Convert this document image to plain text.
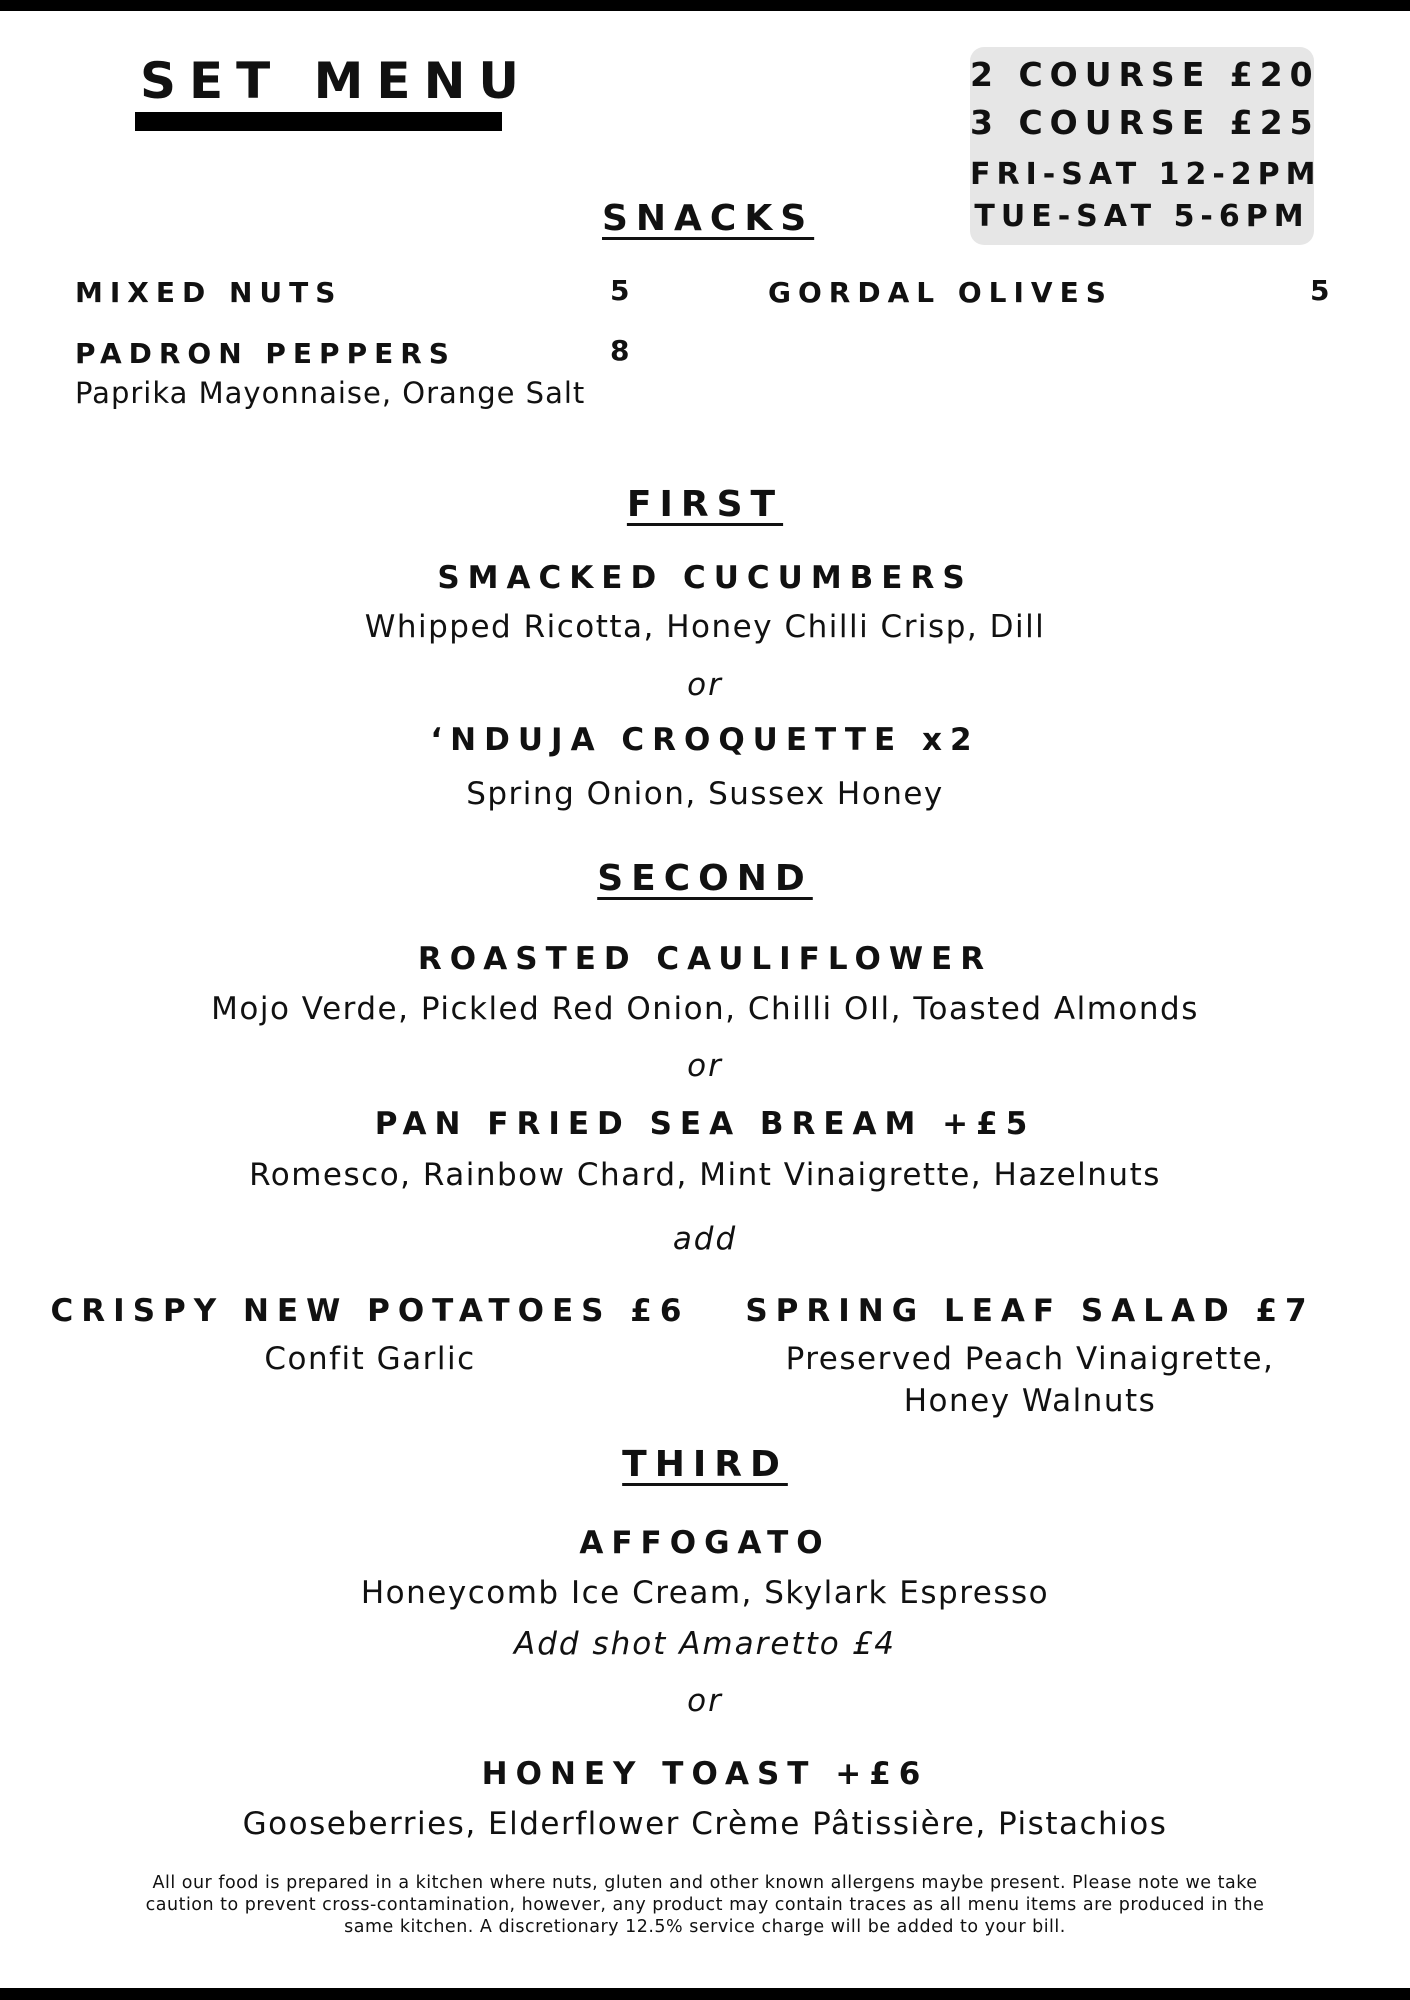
SET MENU	2 COURSE £20
3 COURSE £25
FRI-SAT 12-2PM
TUE-SAT 5-6PM
SNACKS
MIXED NUTS	5
PADRON PEPPERS	8
Paprika Mayonnaise, Orange Salt
GORDAL OLIVES	5
FIRST
SMACKED CUCUMBERS
Whipped Ricotta, Honey Chilli Crisp, Dill
or
‘NDUJA CROQUETTE x2
Spring Onion, Sussex Honey
SECOND
ROASTED CAULIFLOWER
Mojo Verde, Pickled Red Onion, Chilli OIl, Toasted Almonds
or
PAN FRIED SEA BREAM +£5
Romesco, Rainbow Chard, Mint Vinaigrette, Hazelnuts
add
CRISPY NEW POTATOES £6
Confit Garlic
SPRING LEAF SALAD £7
Preserved Peach Vinaigrette,
Honey Walnuts
THIRD
AFFOGATO
Honeycomb Ice Cream, Skylark Espresso
Add shot Amaretto £4
or
HONEY TOAST +£6
Gooseberries, Elderflower Crème Pâtissière, Pistachios
All our food is prepared in a kitchen where nuts, gluten and other known allergens maybe present. Please note we take
caution to prevent cross-contamination, however, any product may contain traces as all menu items are produced in the
same kitchen. A discretionary 12.5% service charge will be added to your bill.
